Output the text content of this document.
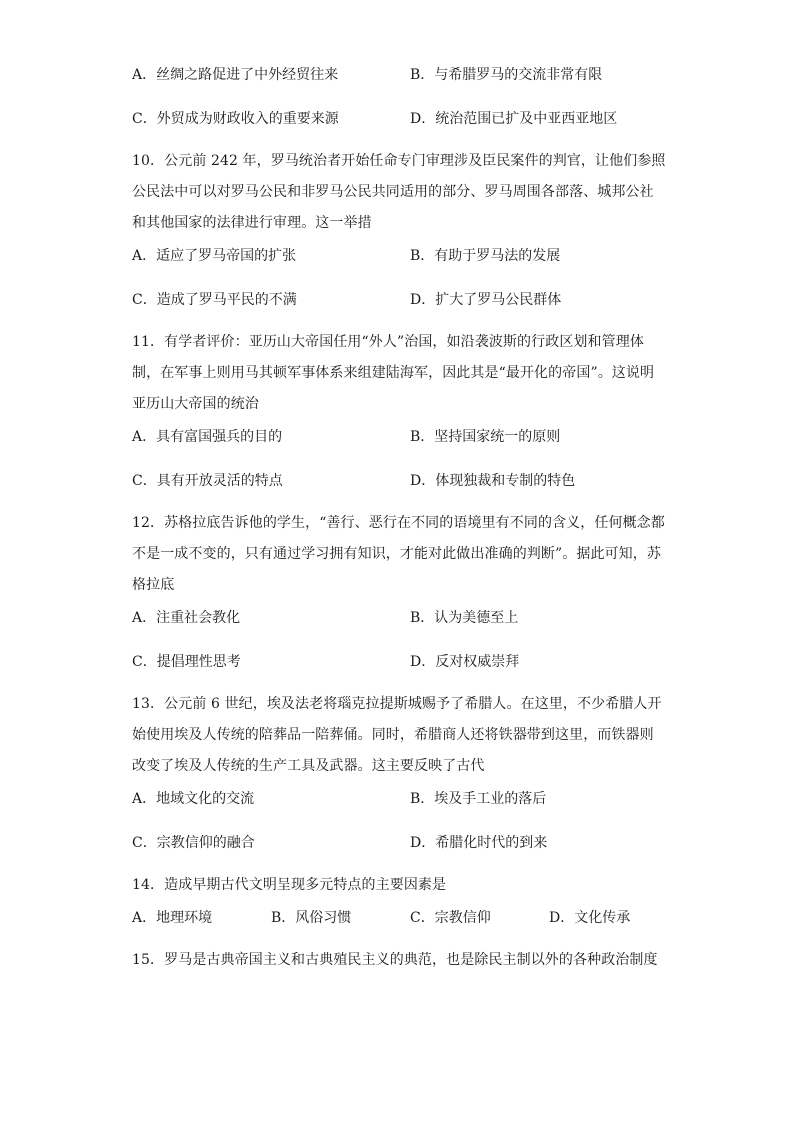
A．丝绸之路促进了中外经贸往来	B．与希腊罗马的交流非常有限
C．外贸成为财政收入的重要来源	D．统治范围已扩及中亚西亚地区
10．公元前 242 年，罗马统治者开始任命专门审理涉及臣民案件的判官，让他们参照
公民法中可以对罗马公民和非罗马公民共同适用的部分、罗马周围各部落、城邦公社
和其他国家的法律进行审理。这一举措
A．适应了罗马帝国的扩张	B．有助于罗马法的发展
C．造成了罗马平民的不满	D．扩大了罗马公民群体
11．有学者评价：亚历山大帝国任用“外人”治国，如沿袭波斯的行政区划和管理体
制，在军事上则用马其顿军事体系来组建陆海军，因此其是“最开化的帝国”。这说明
亚历山大帝国的统治
A．具有富国强兵的目的	B．坚持国家统一的原则
C．具有开放灵活的特点	D．体现独裁和专制的特色
12．苏格拉底告诉他的学生，“善行、恶行在不同的语境里有不同的含义，任何概念都
不是一成不变的，只有通过学习拥有知识，才能对此做出准确的判断”。据此可知，苏
格拉底
A．注重社会教化	B．认为美德至上
C．提倡理性思考	D．反对权威崇拜
13．公元前 6 世纪，埃及法老将瑙克拉提斯城赐予了希腊人。在这里，不少希腊人开
始使用埃及人传统的陪葬品一陪葬俑。同时，希腊商人还将铁器带到这里，而铁器则
改变了埃及人传统的生产工具及武器。这主要反映了古代
A．地域文化的交流	B．埃及手工业的落后
C．宗教信仰的融合	D．希腊化时代的到来
14．造成早期古代文明呈现多元特点的主要因素是
A．地理环境	B．风俗习惯	C．宗教信仰	D．文化传承
15．罗马是古典帝国主义和古典殖民主义的典范，也是除民主制以外的各种政治制度
